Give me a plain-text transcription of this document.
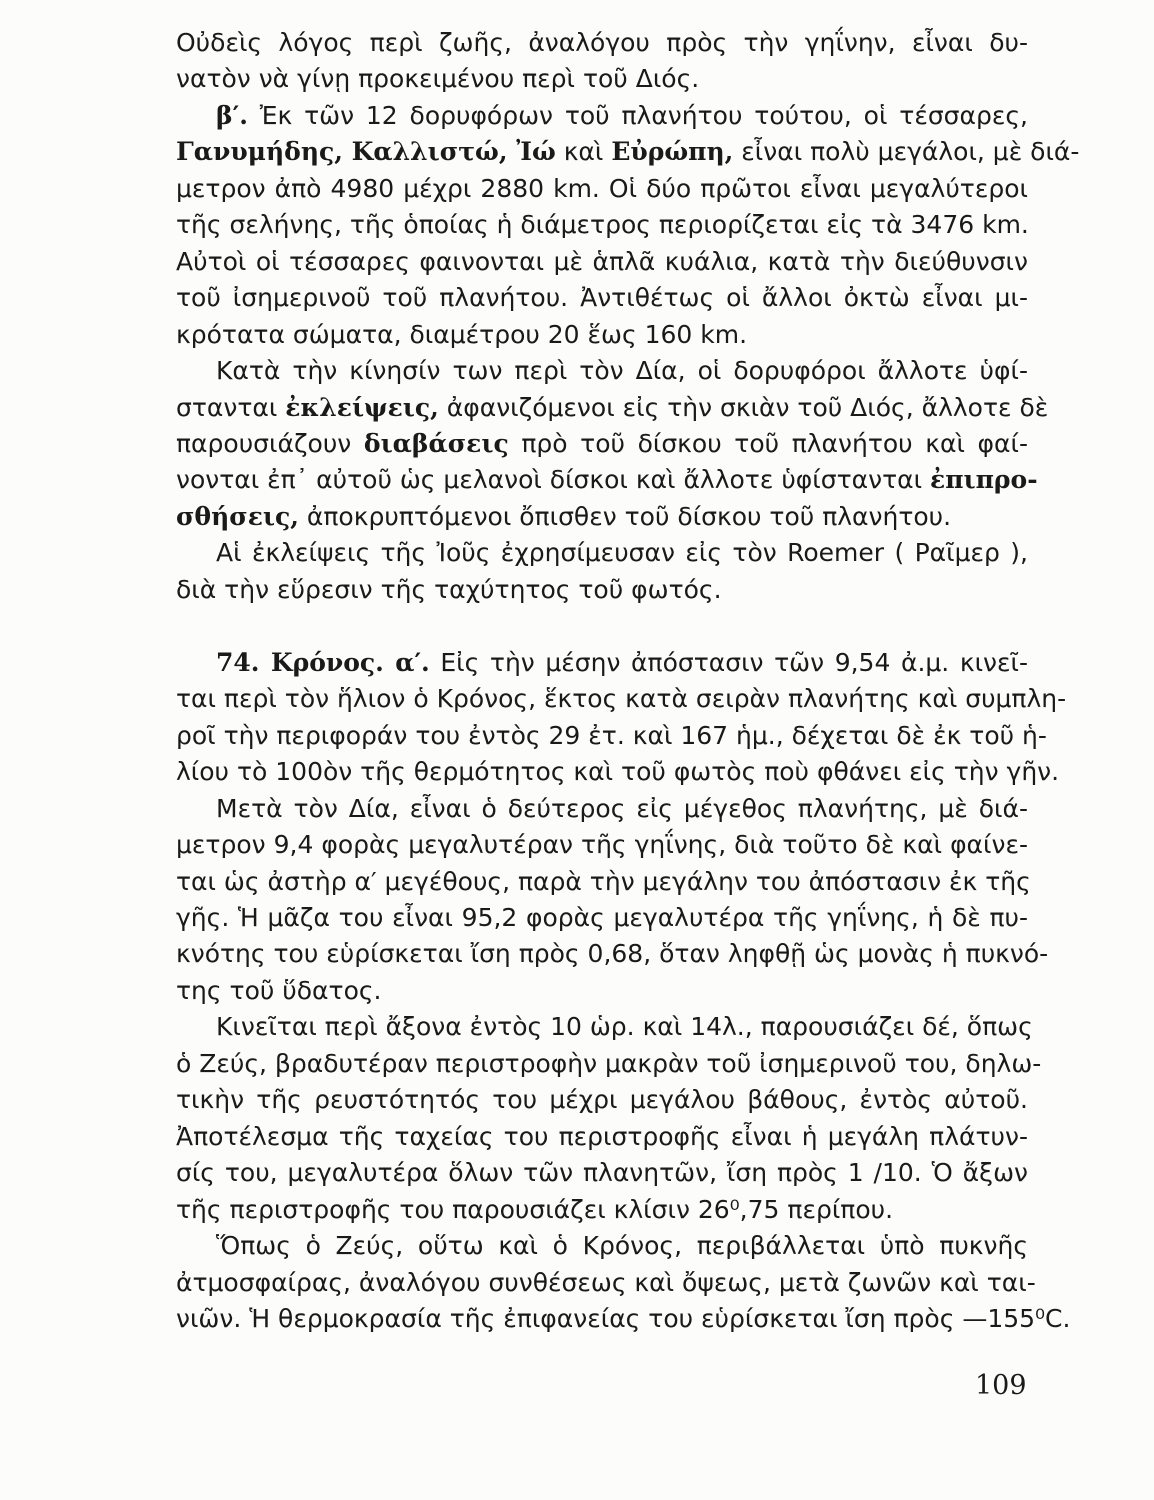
Οὐδεὶς λόγος περὶ ζωῆς, ἀναλόγου πρὸς τὴν γηΐνην, εἶναι δυ-
νατὸν νὰ γίνῃ προκειμένου περὶ τοῦ Διός.
β′. Ἐκ τῶν 12 δορυφόρων τοῦ πλανήτου τούτου, οἱ τέσσαρες,
Γανυμήδης, Καλλιστώ, Ἰώ καὶ Εὐρώπη, εἶναι πολὺ μεγάλοι, μὲ διά-
μετρον ἀπὸ 4980 μέχρι 2880 km. Οἱ δύο πρῶτοι εἶναι μεγαλύτεροι
τῆς σελήνης, τῆς ὁποίας ἡ διάμετρος περιορίζεται εἰς τὰ 3476 km.
Αὐτοὶ οἱ τέσσαρες φαινονται μὲ ἁπλᾶ κυάλια, κατὰ τὴν διεύθυνσιν
τοῦ ἰσημερινοῦ τοῦ πλανήτου. Ἀντιθέτως οἱ ἄλλοι ὀκτὼ εἶναι μι-
κρότατα σώματα, διαμέτρου 20 ἕως 160 km.
Κατὰ τὴν κίνησίν των περὶ τὸν Δία, οἱ δορυφόροι ἄλλοτε ὑφί-
στανται ἐκλείψεις, ἀφανιζόμενοι εἰς τὴν σκιὰν τοῦ Διός, ἄλλοτε δὲ
παρουσιάζουν διαβάσεις πρὸ τοῦ δίσκου τοῦ πλανήτου καὶ φαί-
νονται ἐπ᾿ αὐτοῦ ὡς μελανοὶ δίσκοι καὶ ἄλλοτε ὑφίστανται ἐπιπρο-
σθήσεις, ἀποκρυπτόμενοι ὄπισθεν τοῦ δίσκου τοῦ πλανήτου.
Αἱ ἐκλείψεις τῆς Ἰοῦς ἐχρησίμευσαν εἰς τὸν Roemer ( Ραῖμερ ),
διὰ τὴν εὕρεσιν τῆς ταχύτητος τοῦ φωτός.
74. Κρόνος. α′. Εἰς τὴν μέσην ἀπόστασιν τῶν 9,54 ἀ.μ. κινεῖ-
ται περὶ τὸν ἥλιον ὁ Κρόνος, ἕκτος κατὰ σειρὰν πλανήτης καὶ συμπλη-
ροῖ τὴν περιφοράν του ἐντὸς 29 ἐτ. καὶ 167 ἡμ., δέχεται δὲ ἐκ τοῦ ἡ-
λίου τὸ 100ὸν τῆς θερμότητος καὶ τοῦ φωτὸς ποὺ φθάνει εἰς τὴν γῆν.
Μετὰ τὸν Δία, εἶναι ὁ δεύτερος εἰς μέγεθος πλανήτης, μὲ διά-
μετρον 9,4 φορὰς μεγαλυτέραν τῆς γηΐνης, διὰ τοῦτο δὲ καὶ φαίνε-
ται ὡς ἀστὴρ α′ μεγέθους, παρὰ τὴν μεγάλην του ἀπόστασιν ἐκ τῆς
γῆς. Ἡ μᾶζα του εἶναι 95,2 φορὰς μεγαλυτέρα τῆς γηΐνης, ἡ δὲ πυ-
κνότης του εὑρίσκεται ἴση πρὸς 0,68, ὅταν ληφθῇ ὡς μονὰς ἡ πυκνό-
της τοῦ ὕδατος.
Κινεῖται περὶ ἄξονα ἐντὸς 10 ὡρ. καὶ 14λ., παρουσιάζει δέ, ὅπως
ὁ Ζεύς, βραδυτέραν περιστροφὴν μακρὰν τοῦ ἰσημερινοῦ του, δηλω-
τικὴν τῆς ρευστότητός του μέχρι μεγάλου βάθους, ἐντὸς αὐτοῦ.
Ἀποτέλεσμα τῆς ταχείας του περιστροφῆς εἶναι ἡ μεγάλη πλάτυν-
σίς του, μεγαλυτέρα ὅλων τῶν πλανητῶν, ἴση πρὸς 1 /10. Ὁ ἄξων
τῆς περιστροφῆς του παρουσιάζει κλίσιν 26⁰,75 περίπου.
Ὅπως ὁ Ζεύς, οὕτω καὶ ὁ Κρόνος, περιβάλλεται ὑπὸ πυκνῆς
ἀτμοσφαίρας, ἀναλόγου συνθέσεως καὶ ὄψεως, μετὰ ζωνῶν καὶ ται-
νιῶν. Ἡ θερμοκρασία τῆς ἐπιφανείας του εὑρίσκεται ἴση πρὸς —155⁰C.
109
